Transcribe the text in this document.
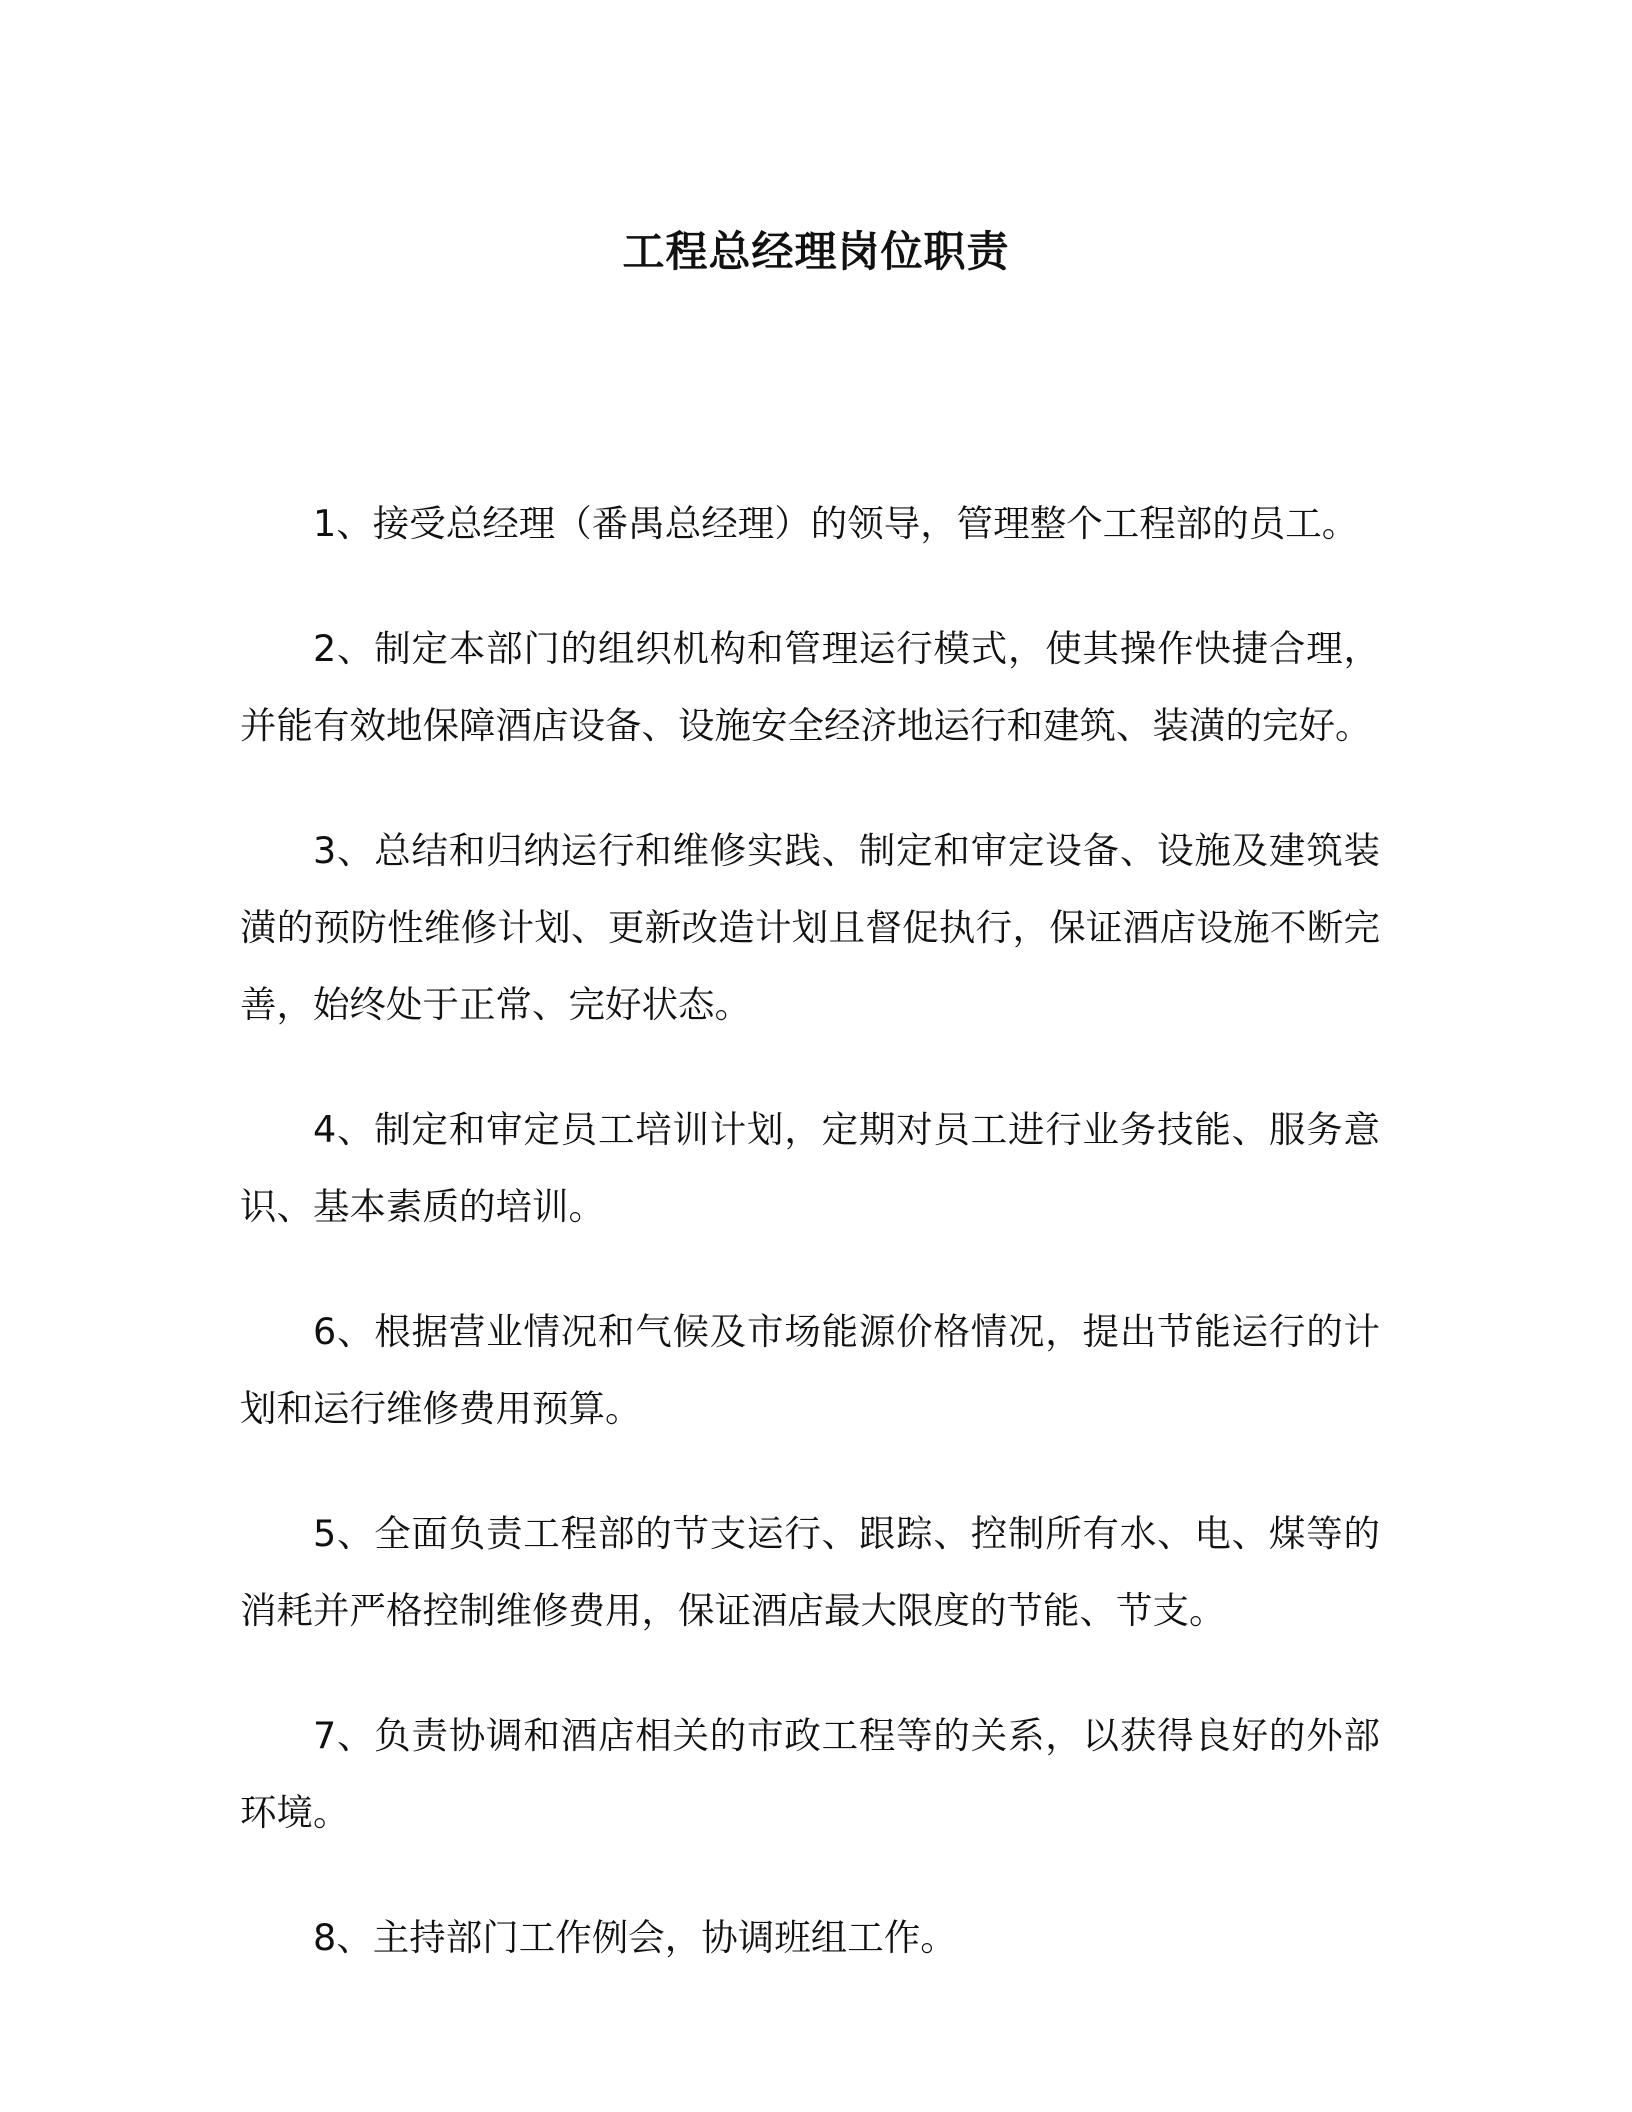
工程总经理岗位职责

1、接受总经理（番禺总经理）的领导，管理整个工程部的员工。

2、制定本部门的组织机构和管理运行模式，使其操作快捷合理，并能有效地保障酒店设备、设施安全经济地运行和建筑、装潢的完好。

3、总结和归纳运行和维修实践、制定和审定设备、设施及建筑装潢的预防性维修计划、更新改造计划且督促执行，保证酒店设施不断完善，始终处于正常、完好状态。

4、制定和审定员工培训计划，定期对员工进行业务技能、服务意识、基本素质的培训。

6、根据营业情况和气候及市场能源价格情况，提出节能运行的计划和运行维修费用预算。

5、全面负责工程部的节支运行、跟踪、控制所有水、电、煤等的消耗并严格控制维修费用，保证酒店最大限度的节能、节支。

7、负责协调和酒店相关的市政工程等的关系，以获得良好的外部环境。

8、主持部门工作例会，协调班组工作。
